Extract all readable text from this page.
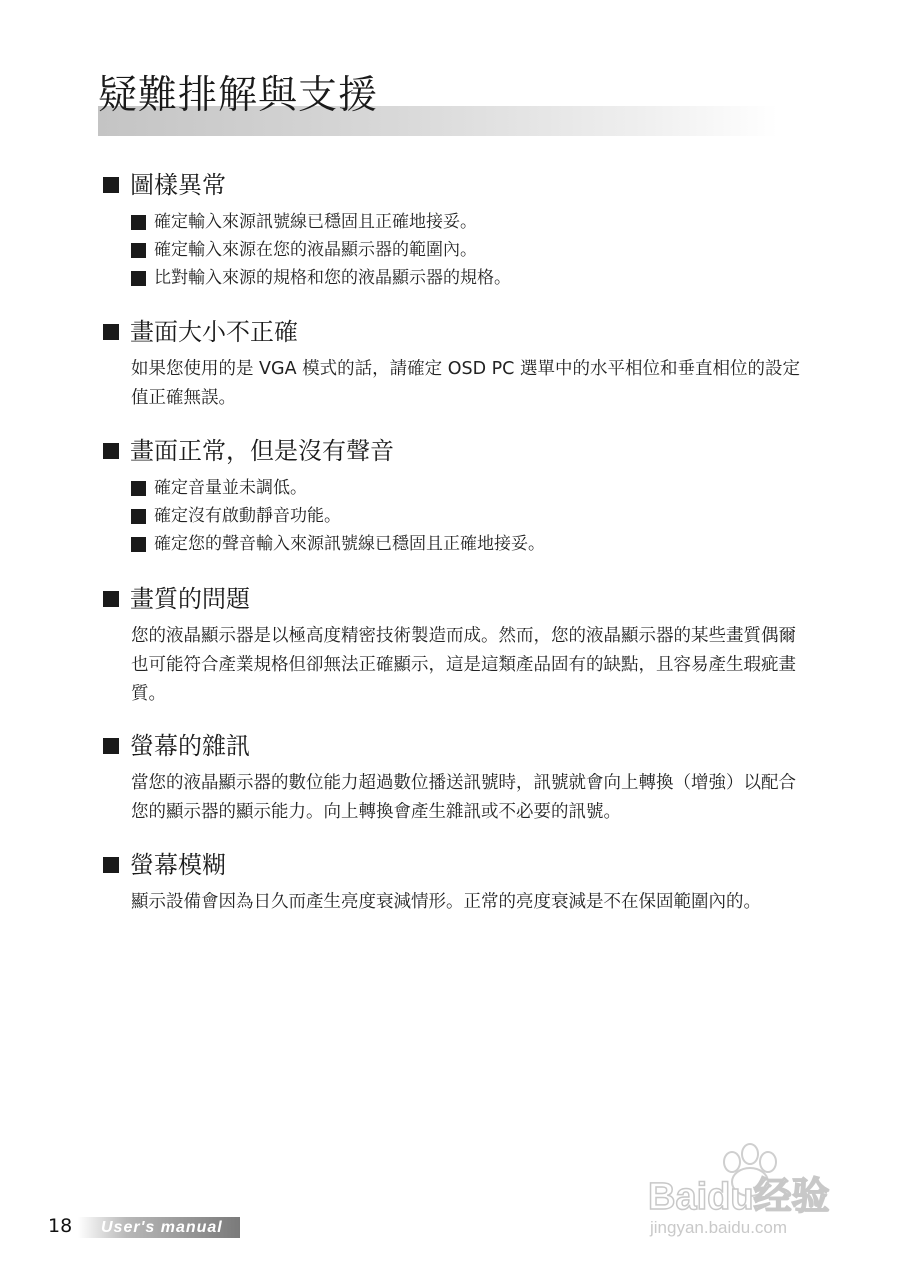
疑難排解與支援
圖樣異常
確定輸入來源訊號線已穩固且正確地接妥。
確定輸入來源在您的液晶顯示器的範圍內。
比對輸入來源的規格和您的液晶顯示器的規格。
畫面大小不正確

如果您使用的是 VGA 模式的話，請確定 OSD PC 選單中的水平相位和垂直相位的設定值正確無誤。

畫面正常，但是沒有聲音
確定音量並未調低。
確定沒有啟動靜音功能。
確定您的聲音輸入來源訊號線已穩固且正確地接妥。
畫質的問題

您的液晶顯示器是以極高度精密技術製造而成。然而，您的液晶顯示器的某些畫質偶爾也可能符合產業規格但卻無法正確顯示，這是這類產品固有的缺點，且容易產生瑕疵畫質。

螢幕的雜訊

當您的液晶顯示器的數位能力超過數位播送訊號時，訊號就會向上轉換（增強）以配合您的顯示器的顯示能力。向上轉換會產生雜訊或不必要的訊號。

螢幕模糊

顯示設備會因為日久而產生亮度衰減情形。正常的亮度衰減是不在保固範圍內的。

Baidu经验
jingyan.baidu.com
18 User's manual
